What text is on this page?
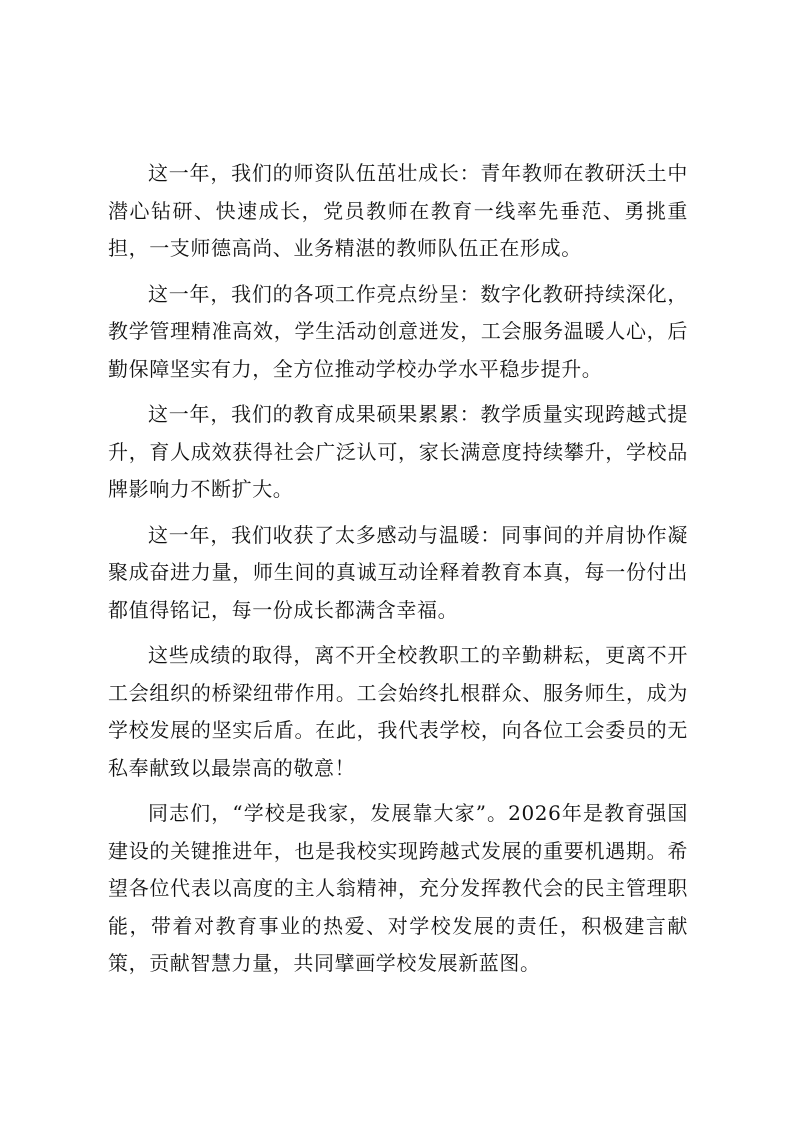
这一年，我们的师资队伍茁壮成长：青年教师在教研沃土中潜心钻研、快速成长，党员教师在教育一线率先垂范、勇挑重担，一支师德高尚、业务精湛的教师队伍正在形成。

这一年，我们的各项工作亮点纷呈：数字化教研持续深化，教学管理精准高效，学生活动创意迸发，工会服务温暖人心，后勤保障坚实有力，全方位推动学校办学水平稳步提升。

这一年，我们的教育成果硕果累累：教学质量实现跨越式提升，育人成效获得社会广泛认可，家长满意度持续攀升，学校品牌影响力不断扩大。

这一年，我们收获了太多感动与温暖：同事间的并肩协作凝聚成奋进力量，师生间的真诚互动诠释着教育本真，每一份付出都值得铭记，每一份成长都满含幸福。

这些成绩的取得，离不开全校教职工的辛勤耕耘，更离不开工会组织的桥梁纽带作用。工会始终扎根群众、服务师生，成为学校发展的坚实后盾。在此，我代表学校，向各位工会委员的无私奉献致以最崇高的敬意！

同志们，“学校是我家，发展靠大家”。2026年是教育强国建设的关键推进年，也是我校实现跨越式发展的重要机遇期。希望各位代表以高度的主人翁精神，充分发挥教代会的民主管理职能，带着对教育事业的热爱、对学校发展的责任，积极建言献策，贡献智慧力量，共同擘画学校发展新蓝图。
